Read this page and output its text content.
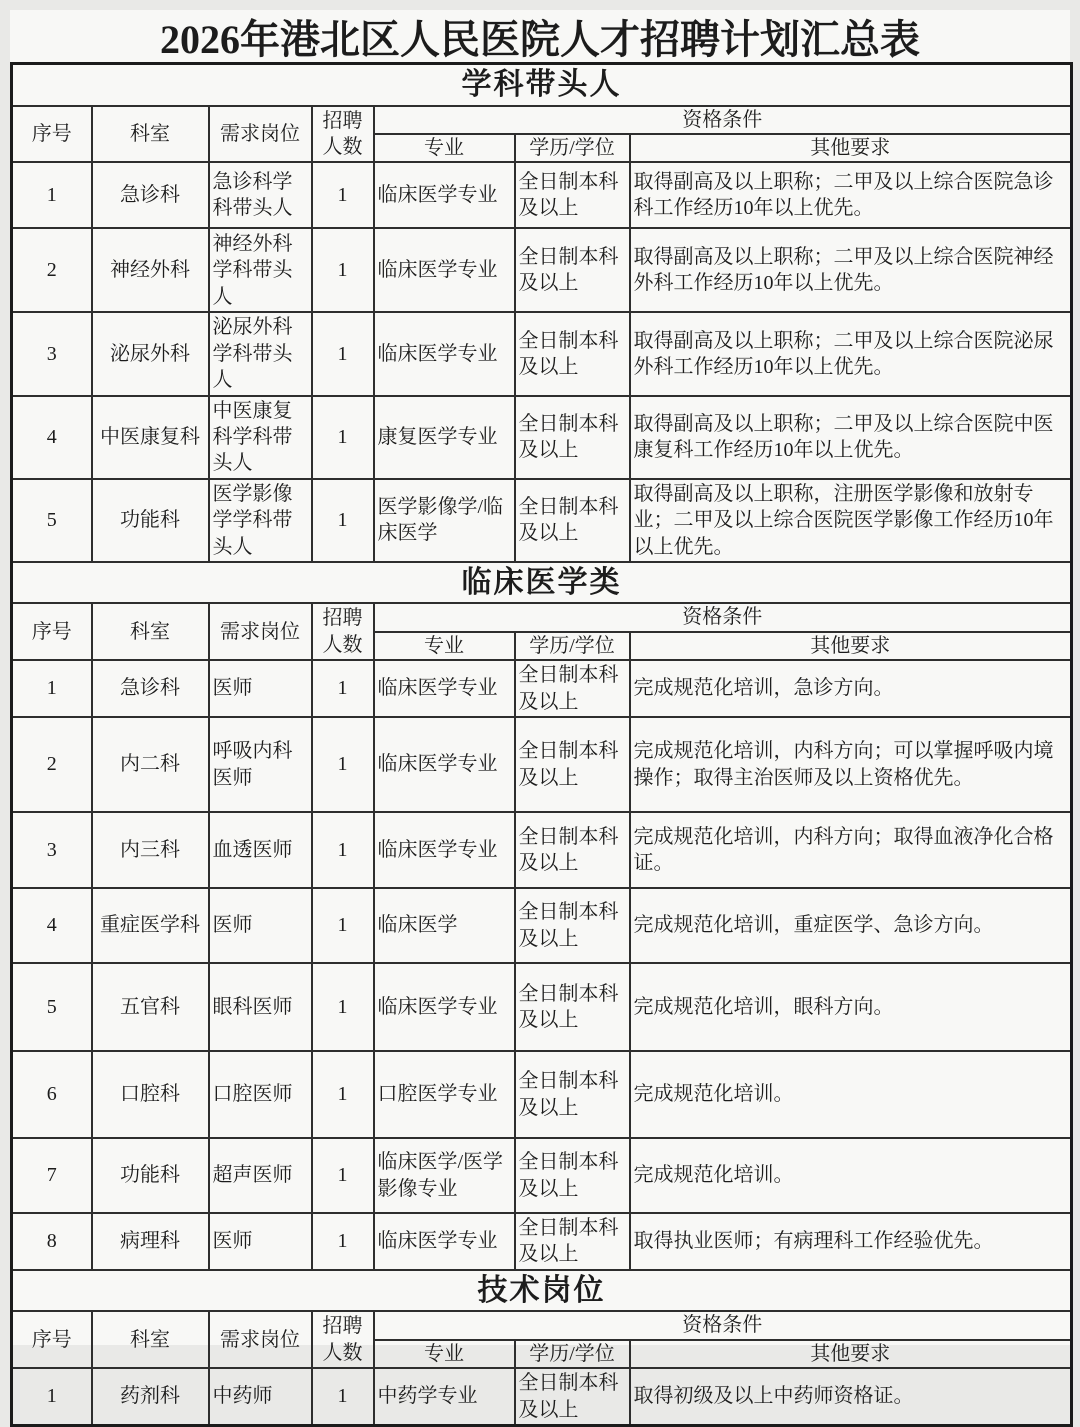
2026年港北区人民医院人才招聘计划汇总表
学科带头人						
序号	科室	需求岗位	招聘人数	资格条件		
				专业	学历/学位	其他要求
1	急诊科	急诊科学科带头人	1	临床医学专业	全日制本科及以上	取得副高及以上职称；二甲及以上综合医院急诊科工作经历10年以上优先。
2	神经外科	神经外科学科带头人	1	临床医学专业	全日制本科及以上	取得副高及以上职称；二甲及以上综合医院神经外科工作经历10年以上优先。
3	泌尿外科	泌尿外科学科带头人	1	临床医学专业	全日制本科及以上	取得副高及以上职称；二甲及以上综合医院泌尿外科工作经历10年以上优先。
4	中医康复科	中医康复科学科带头人	1	康复医学专业	全日制本科及以上	取得副高及以上职称；二甲及以上综合医院中医康复科工作经历10年以上优先。
5	功能科	医学影像学学科带头人	1	医学影像学/临床医学	全日制本科及以上	取得副高及以上职称，注册医学影像和放射专业；二甲及以上综合医院医学影像工作经历10年以上优先。
临床医学类						
序号	科室	需求岗位	招聘人数	资格条件		
				专业	学历/学位	其他要求
1	急诊科	医师	1	临床医学专业	全日制本科及以上	完成规范化培训，急诊方向。
2	内二科	呼吸内科医师	1	临床医学专业	全日制本科及以上	完成规范化培训，内科方向；可以掌握呼吸内境操作；取得主治医师及以上资格优先。
3	内三科	血透医师	1	临床医学专业	全日制本科及以上	完成规范化培训，内科方向；取得血液净化合格证。
4	重症医学科	医师	1	临床医学	全日制本科及以上	完成规范化培训，重症医学、急诊方向。
5	五官科	眼科医师	1	临床医学专业	全日制本科及以上	完成规范化培训，眼科方向。
6	口腔科	口腔医师	1	口腔医学专业	全日制本科及以上	完成规范化培训。
7	功能科	超声医师	1	临床医学/医学影像专业	全日制本科及以上	完成规范化培训。
8	病理科	医师	1	临床医学专业	全日制本科及以上	取得执业医师；有病理科工作经验优先。
技术岗位						
序号	科室	需求岗位	招聘人数	资格条件		
				专业	学历/学位	其他要求
1	药剂科	中药师	1	中药学专业	全日制本科及以上	取得初级及以上中药师资格证。
